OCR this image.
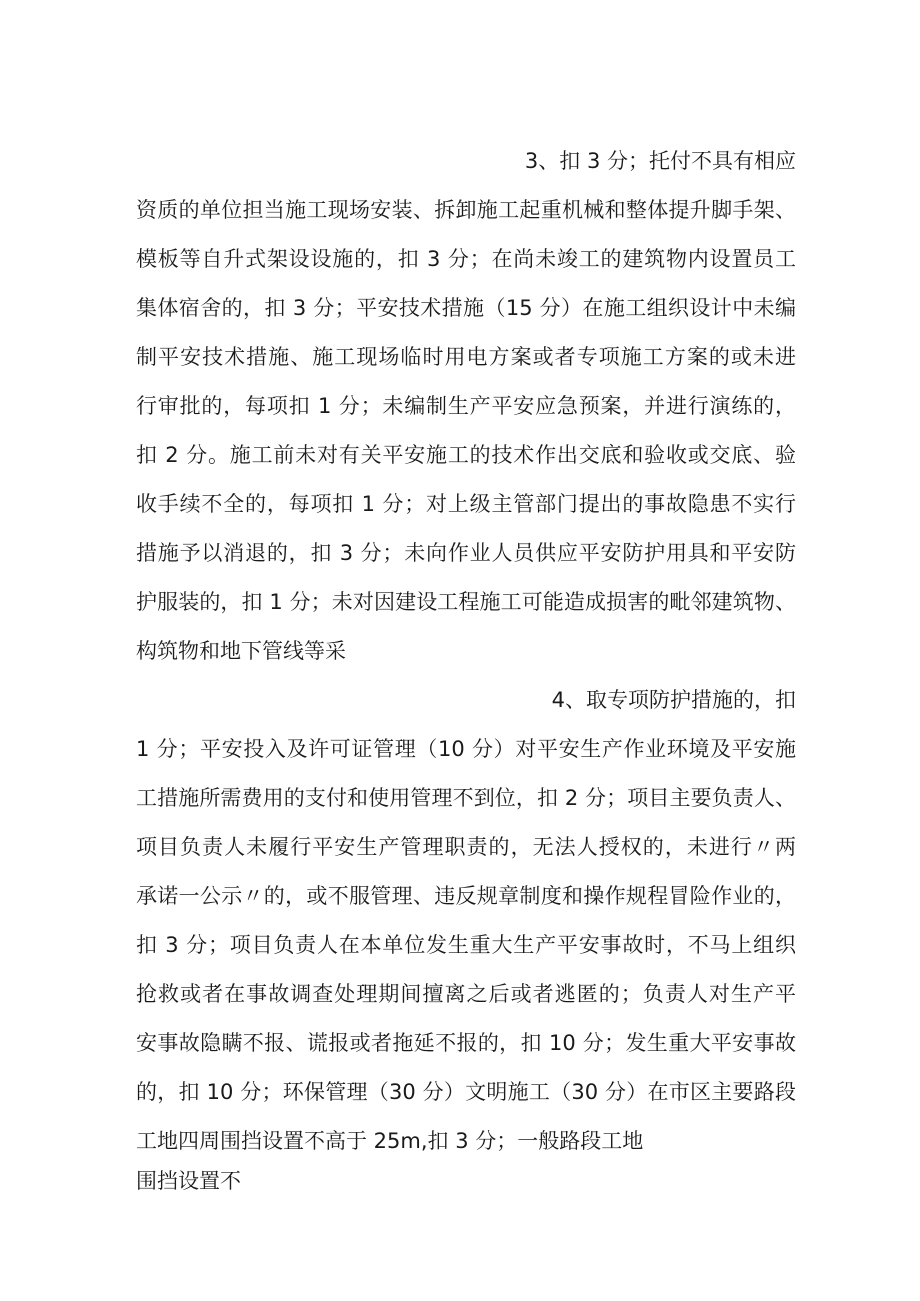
3、扣 3 分；托付不具有相应
资质的单位担当施工现场安装、拆卸施工起重机械和整体提升脚手架、
模板等自升式架设设施的，扣 3 分；在尚未竣工的建筑物内设置员工
集体宿舍的，扣 3 分；平安技术措施（15 分）在施工组织设计中未编
制平安技术措施、施工现场临时用电方案或者专项施工方案的或未进
行审批的，每项扣 1 分；未编制生产平安应急预案，并进行演练的，
扣 2 分。施工前未对有关平安施工的技术作出交底和验收或交底、验
收手续不全的，每项扣 1 分；对上级主管部门提出的事故隐患不实行
措施予以消退的，扣 3 分；未向作业人员供应平安防护用具和平安防
护服装的，扣 1 分；未对因建设工程施工可能造成损害的毗邻建筑物、
构筑物和地下管线等采
4、取专项防护措施的，扣
1 分；平安投入及许可证管理（10 分）对平安生产作业环境及平安施
工措施所需费用的支付和使用管理不到位，扣 2 分；项目主要负责人、
项目负责人未履行平安生产管理职责的，无法人授权的，未进行〃两
承诺一公示〃的，或不服管理、违反规章制度和操作规程冒险作业的，
扣 3 分；项目负责人在本单位发生重大生产平安事故时，不马上组织
抢救或者在事故调查处理期间擅离之后或者逃匿的；负责人对生产平
安事故隐瞒不报、谎报或者拖延不报的，扣 10 分；发生重大平安事故
的，扣 10 分；环保管理（30 分）文明施工（30 分）在市区主要路段
工地四周围挡设置不高于 25m,扣 3 分；一般路段工地
围挡设置不
